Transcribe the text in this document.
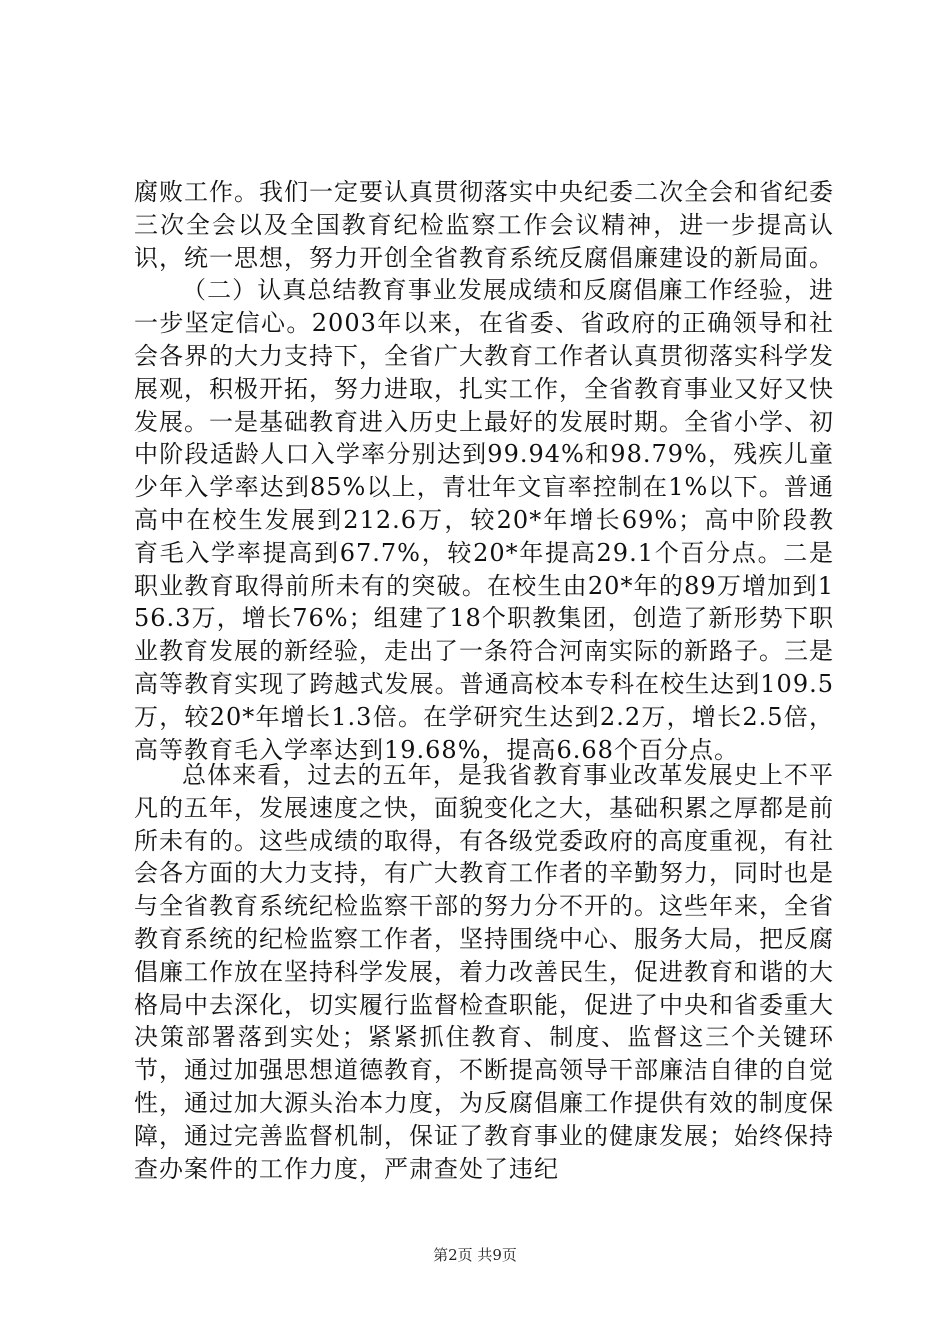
腐败工作。我们一定要认真贯彻落实中央纪委二次全会和省纪委三次全会以及全国教育纪检监察工作会议精神，进一步提高认识，统一思想，努力开创全省教育系统反腐倡廉建设的新局面。

（二）认真总结教育事业发展成绩和反腐倡廉工作经验，进一步坚定信心。2003年以来，在省委、省政府的正确领导和社会各界的大力支持下，全省广大教育工作者认真贯彻落实科学发展观，积极开拓，努力进取，扎实工作，全省教育事业又好又快发展。一是基础教育进入历史上最好的发展时期。全省小学、初中阶段适龄人口入学率分别达到99.94%和98.79%，残疾儿童少年入学率达到85%以上，青壮年文盲率控制在1%以下。普通高中在校生发展到212.6万，较20*年增长69%；高中阶段教育毛入学率提高到67.7%，较20*年提高29.1个百分点。二是职业教育取得前所未有的突破。在校生由20*年的89万增加到156.3万，增长76%；组建了18个职教集团，创造了新形势下职业教育发展的新经验，走出了一条符合河南实际的新路子。三是高等教育实现了跨越式发展。普通高校本专科在校生达到109.5万，较20*年增长1.3倍。在学研究生达到2.2万，增长2.5倍，高等教育毛入学率达到19.68%，提高6.68个百分点。

总体来看，过去的五年，是我省教育事业改革发展史上不平凡的五年，发展速度之快，面貌变化之大，基础积累之厚都是前所未有的。这些成绩的取得，有各级党委政府的高度重视，有社会各方面的大力支持，有广大教育工作者的辛勤努力，同时也是与全省教育系统纪检监察干部的努力分不开的。这些年来，全省教育系统的纪检监察工作者，坚持围绕中心、服务大局，把反腐倡廉工作放在坚持科学发展，着力改善民生，促进教育和谐的大格局中去深化，切实履行监督检查职能，促进了中央和省委重大决策部署落到实处；紧紧抓住教育、制度、监督这三个关键环节，通过加强思想道德教育，不断提高领导干部廉洁自律的自觉性，通过加大源头治本力度，为反腐倡廉工作提供有效的制度保障，通过完善监督机制，保证了教育事业的健康发展；始终保持查办案件的工作力度，严肃查处了违纪

第2页 共9页
